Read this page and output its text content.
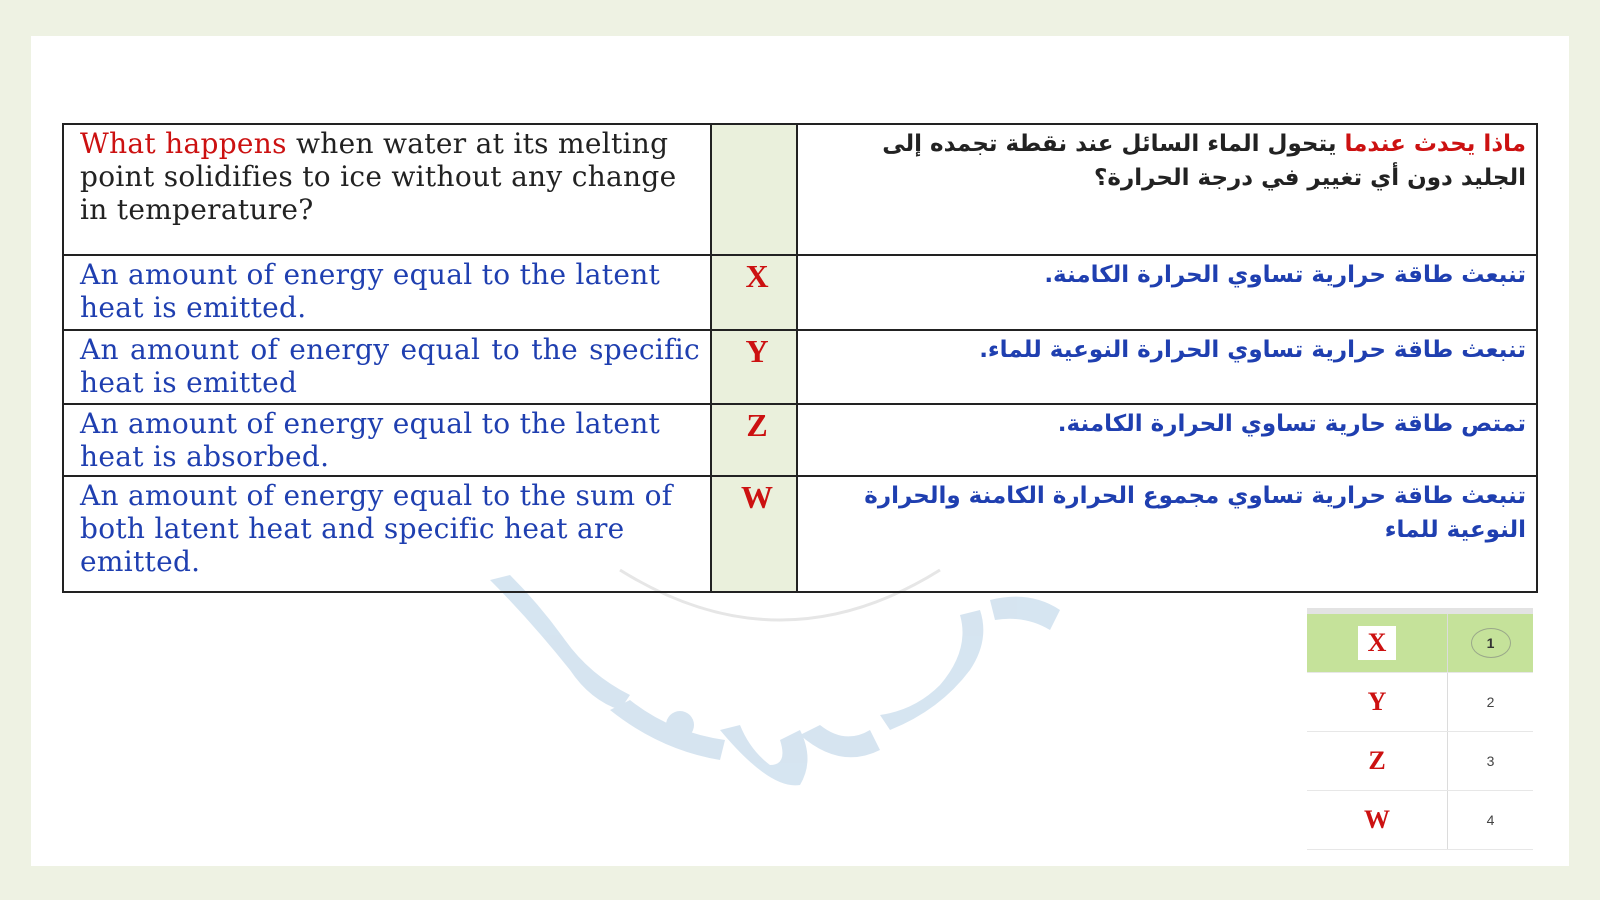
What happens when water at its melting point solidifies to ice without any change in temperature?		ماذا يحدث عندما يتحول الماء السائل عند نقطة تجمده إلى الجليد دون أي تغيير في درجة الحرارة؟
An amount of energy equal to the latent heat is emitted.	X	تنبعث طاقة حرارية تساوي الحرارة الكامنة.
An amount of energy equal to the specific heat is emitted	Y	تنبعث طاقة حرارية تساوي الحرارة النوعية للماء.
An amount of energy equal to the latent heat is absorbed.	Z	تمتص طاقة حارية تساوي الحرارة الكامنة.
An amount of energy equal to the sum of both latent heat and specific heat are emitted.	W	تنبعث طاقة حرارية تساوي مجموع الحرارة الكامنة والحرارة النوعية للماء
X	1
Y	2
Z	3
W	4
